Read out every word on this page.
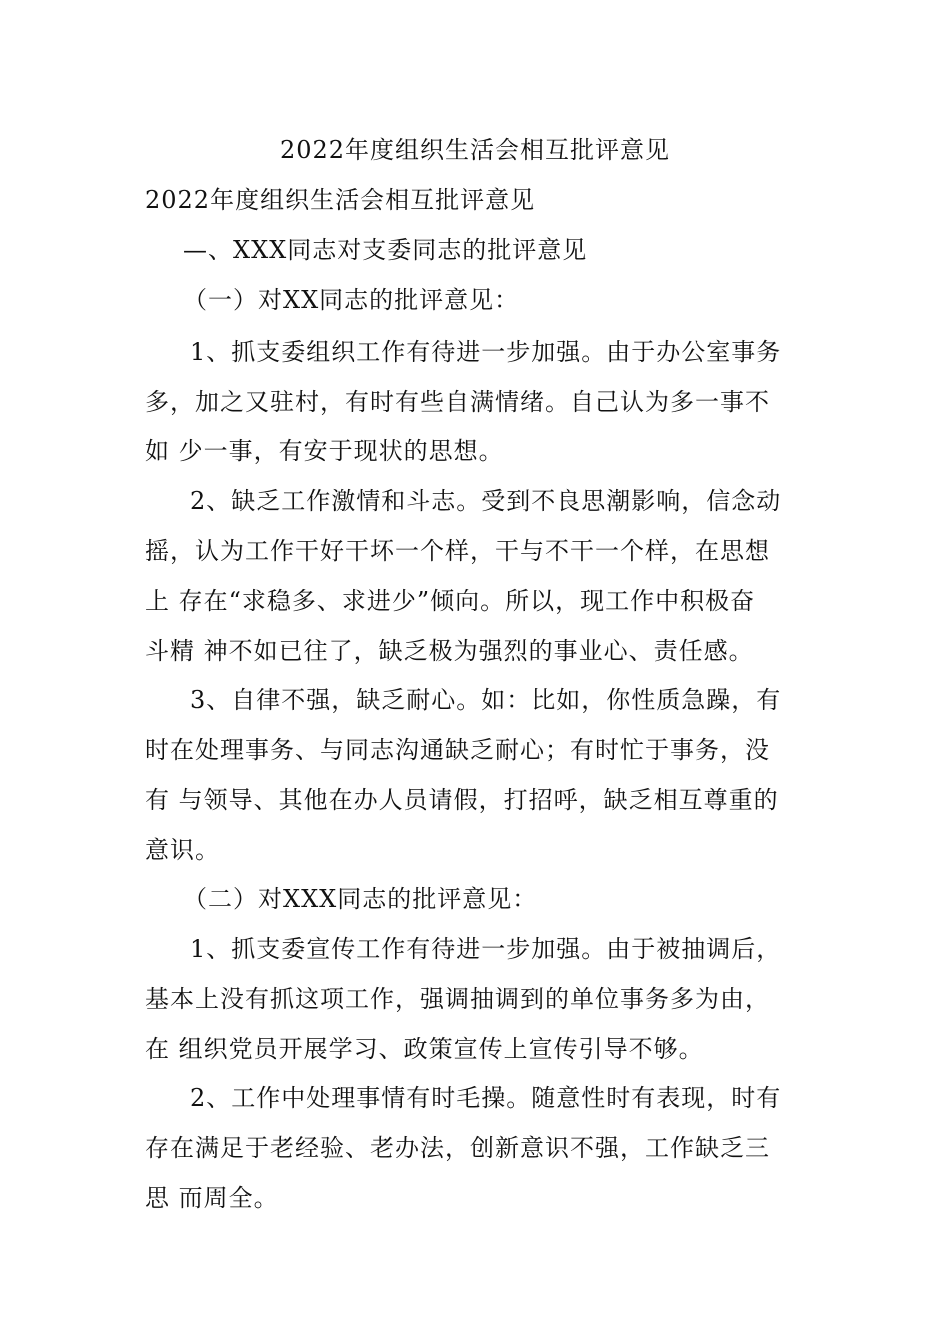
2022年度组织生活会相互批评意见
2022年度组织生活会相互批评意见
—、XXX同志对支委同志的批评意见
（一）对XX同志的批评意见：
1、抓支委组织工作有待进一步加强。由于办公室事务
多，加之又驻村，有时有些自满情绪。自己认为多一事不
如 少一事，有安于现状的思想。
2、缺乏工作激情和斗志。受到不良思潮影响，信念动
摇，认为工作干好干坏一个样，干与不干一个样，在思想
上 存在“求稳多、求进少”倾向。所以，现工作中积极奋
斗精 神不如已往了，缺乏极为强烈的事业心、责任感。
3、自律不强，缺乏耐心。如：比如，你性质急躁，有
时在处理事务、与同志沟通缺乏耐心；有时忙于事务，没
有 与领导、其他在办人员请假，打招呼，缺乏相互尊重的
意识。
（二）对XXX同志的批评意见：
1、抓支委宣传工作有待进一步加强。由于被抽调后，
基本上没有抓这项工作，强调抽调到的单位事务多为由，
在 组织党员开展学习、政策宣传上宣传引导不够。
2、工作中处理事情有时毛操。随意性时有表现，时有
存在满足于老经验、老办法，创新意识不强，工作缺乏三
思 而周全。
